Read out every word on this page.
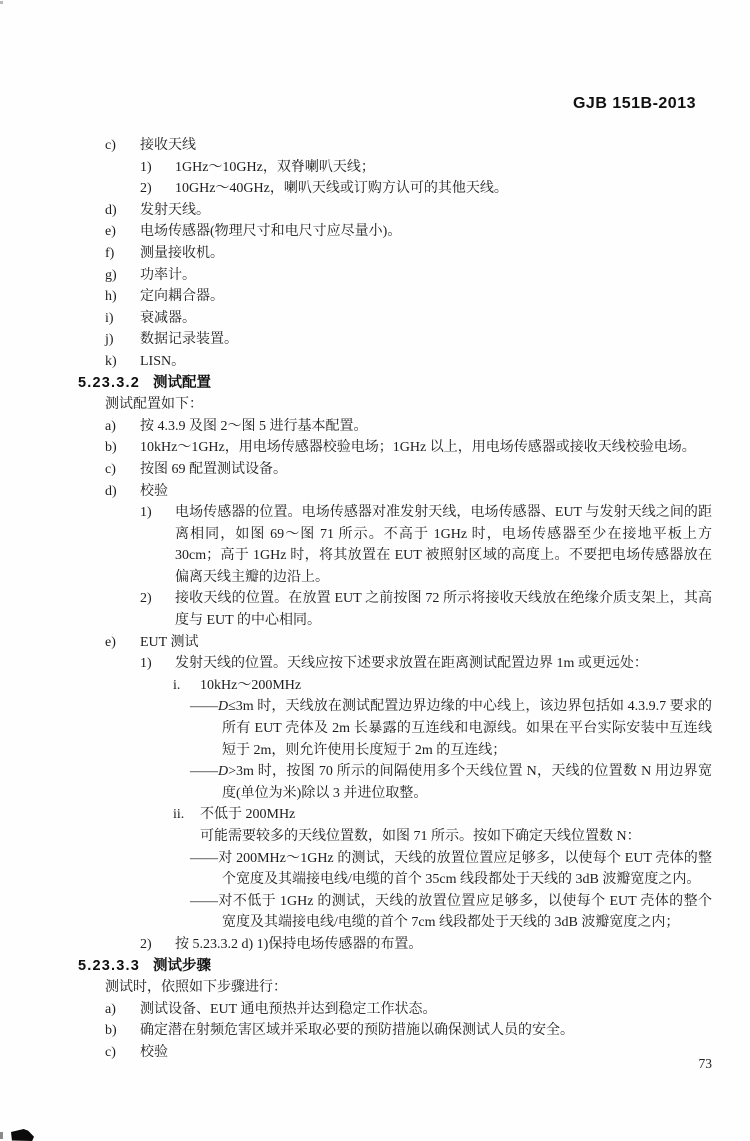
GJB 151B-2013
c)	接收天线
1)	1GHz～10GHz，双脊喇叭天线；
2)	10GHz～40GHz，喇叭天线或订购方认可的其他天线。
d)	发射天线。
e)	电场传感器(物理尺寸和电尺寸应尽量小)。
f)	测量接收机。
g)	功率计。
h)	定向耦合器。
i)	衰减器。
j)	数据记录装置。
k)	LISN。
5.23.3.2 测试配置

测试配置如下：

a)	按 4.3.9 及图 2～图 5 进行基本配置。
b)	10kHz～1GHz，用电场传感器校验电场；1GHz 以上，用电场传感器或接收天线校验电场。
c)	按图 69 配置测试设备。
d)	校验
1)	电场传感器的位置。电场传感器对准发射天线，电场传感器、EUT 与发射天线之间的距离相同，如图 69～图 71 所示。不高于 1GHz 时，电场传感器至少在接地平板上方 30cm；高于 1GHz 时，将其放置在 EUT 被照射区域的高度上。不要把电场传感器放在偏离天线主瓣的边沿上。
2)	接收天线的位置。在放置 EUT 之前按图 72 所示将接收天线放在绝缘介质支架上，其高度与 EUT 的中心相同。
e)	EUT 测试
1)	发射天线的位置。天线应按下述要求放置在距离测试配置边界 1m 或更远处：
i.	10kHz～200MHz
——D≤3m 时，天线放在测试配置边界边缘的中心线上，该边界包括如 4.3.9.7 要求的所有 EUT 壳体及 2m 长暴露的互连线和电源线。如果在平台实际安装中互连线短于 2m，则允许使用长度短于 2m 的互连线；
——D>3m 时，按图 70 所示的间隔使用多个天线位置 N，天线的位置数 N 用边界宽度(单位为米)除以 3 并进位取整。
ii.	不低于 200MHz
可能需要较多的天线位置数，如图 71 所示。按如下确定天线位置数 N：
——对 200MHz～1GHz 的测试，天线的放置位置应足够多，以使每个 EUT 壳体的整个宽度及其端接电线/电缆的首个 35cm 线段都处于天线的 3dB 波瓣宽度之内。
——对不低于 1GHz 的测试，天线的放置位置应足够多，以使每个 EUT 壳体的整个宽度及其端接电线/电缆的首个 7cm 线段都处于天线的 3dB 波瓣宽度之内；
2)	按 5.23.3.2 d) 1)保持电场传感器的布置。
5.23.3.3 测试步骤

测试时，依照如下步骤进行：

a)	测试设备、EUT 通电预热并达到稳定工作状态。
b)	确定潜在射频危害区域并采取必要的预防措施以确保测试人员的安全。
c)	校验
73
